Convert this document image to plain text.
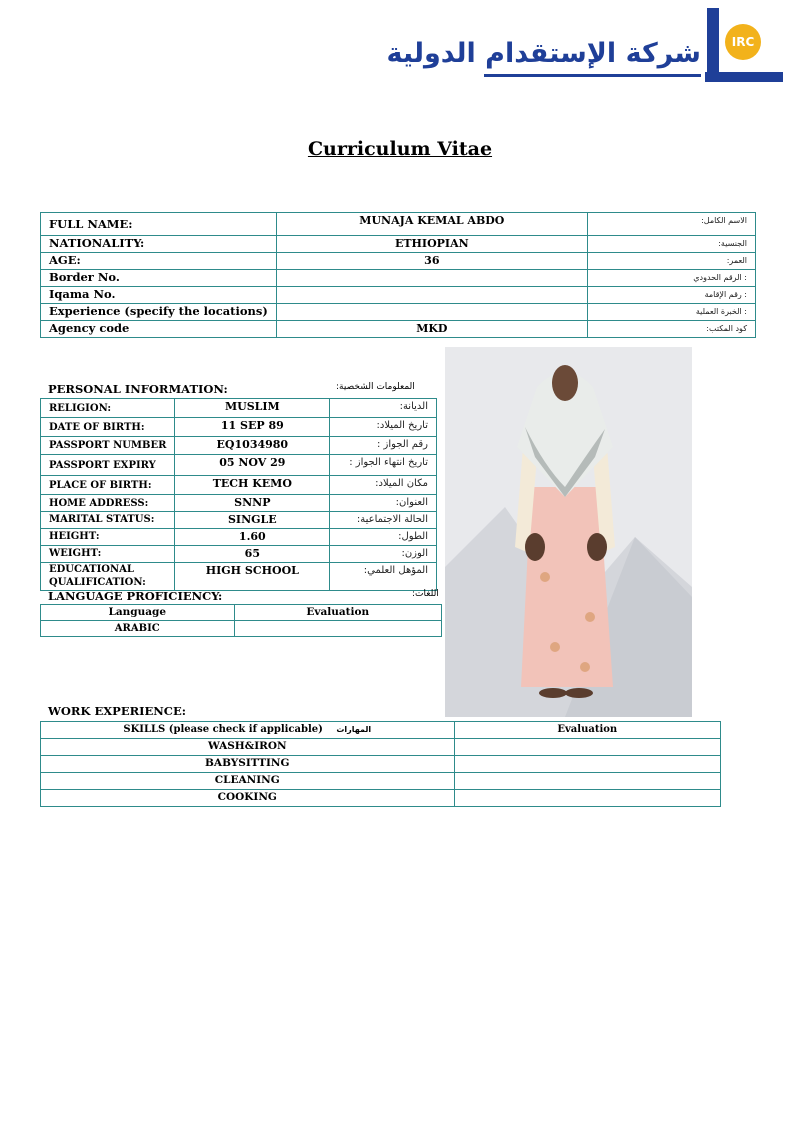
شركة الإستقدام الدولية	IRC
Curriculum Vitae
FULL NAME:	MUNAJA KEMAL ABDO	الاسم الكامل:
NATIONALITY:	ETHIOPIAN	الجنسية:
AGE:	36	العمر:
Border No.		: الرقم الحدودي
Iqama No.		: رقم الإقامة
Experience (specify the locations)		: الخبرة العملية
Agency code	MKD	كود المكتب:
PERSONAL INFORMATION:	المعلومات الشخصية:
RELIGION:	MUSLIM	الديانة:
DATE OF BIRTH:	11 SEP 89	تاريخ الميلاد:
PASSPORT NUMBER	EQ1034980	رقم الجواز :
PASSPORT EXPIRY	05 NOV 29	تاريخ انتهاء الجواز :
PLACE OF BIRTH:	TECH KEMO	مكان الميلاد:
HOME ADDRESS:	SNNP	العنوان:
MARITAL STATUS:	SINGLE	الحالة الاجتماعية:
HEIGHT:	1.60	الطول:
WEIGHT:	65	الوزن:
EDUCATIONAL QUALIFICATION:	HIGH SCHOOL	المؤهل العلمي:
LANGUAGE PROFICIENCY:	اللغات:
Language	Evaluation
ARABIC	
WORK EXPERIENCE:
SKILLS (please check if applicable) المهارات	Evaluation
WASH&IRON	
BABYSITTING	
CLEANING	
COOKING	
